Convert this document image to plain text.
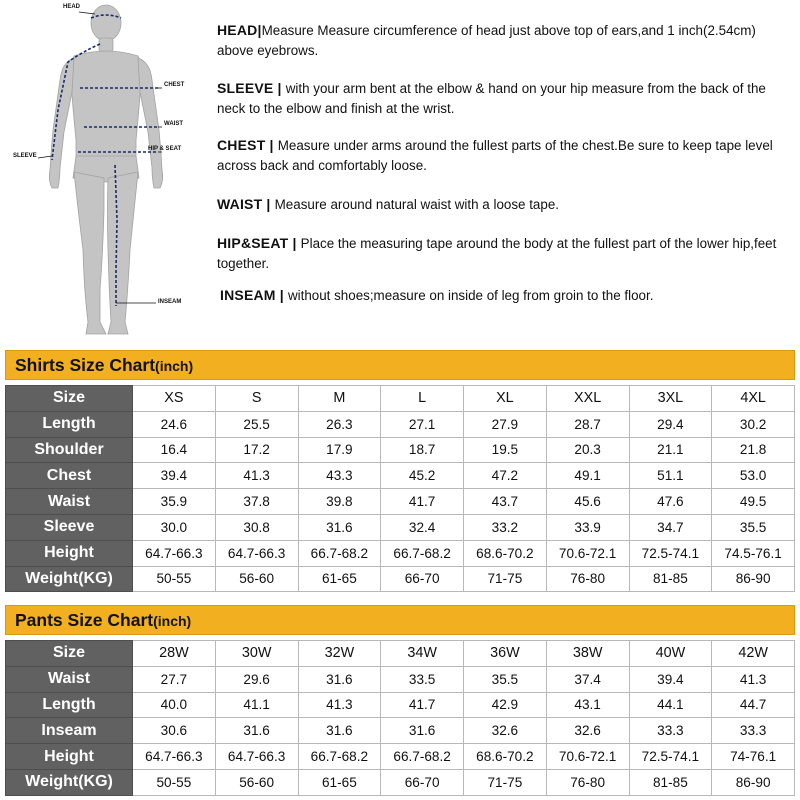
HEAD
CHEST
WAIST
HIP & SEAT
SLEEVE
INSEAM

HEAD|Measure Measure circumference of head just above top of ears,and 1 inch(2.54cm) above eyebrows.

SLEEVE | with your arm bent at the elbow & hand on your hip measure from the back of the neck to the elbow and finish at the wrist.

CHEST | Measure under arms around the fullest parts of the chest.Be sure to keep tape level across back and comfortably loose.

WAIST | Measure around natural waist with a loose tape.

HIP&SEAT | Place the measuring tape around the body at the fullest part of the lower hip,feet together.

INSEAM | without shoes;measure on inside of leg from groin to the floor.

Shirts Size Chart (inch)
Size	XS	S	M	L	XL	XXL	3XL	4XL
Length	24.6	25.5	26.3	27.1	27.9	28.7	29.4	30.2
Shoulder	16.4	17.2	17.9	18.7	19.5	20.3	21.1	21.8
Chest	39.4	41.3	43.3	45.2	47.2	49.1	51.1	53.0
Waist	35.9	37.8	39.8	41.7	43.7	45.6	47.6	49.5
Sleeve	30.0	30.8	31.6	32.4	33.2	33.9	34.7	35.5
Height	64.7-66.3	64.7-66.3	66.7-68.2	66.7-68.2	68.6-70.2	70.6-72.1	72.5-74.1	74.5-76.1
Weight(KG)	50-55	56-60	61-65	66-70	71-75	76-80	81-85	86-90
Pants Size Chart (inch)
Size	28W	30W	32W	34W	36W	38W	40W	42W
Waist	27.7	29.6	31.6	33.5	35.5	37.4	39.4	41.3
Length	40.0	41.1	41.3	41.7	42.9	43.1	44.1	44.7
Inseam	30.6	31.6	31.6	31.6	32.6	32.6	33.3	33.3
Height	64.7-66.3	64.7-66.3	66.7-68.2	66.7-68.2	68.6-70.2	70.6-72.1	72.5-74.1	74-76.1
Weight(KG)	50-55	56-60	61-65	66-70	71-75	76-80	81-85	86-90
